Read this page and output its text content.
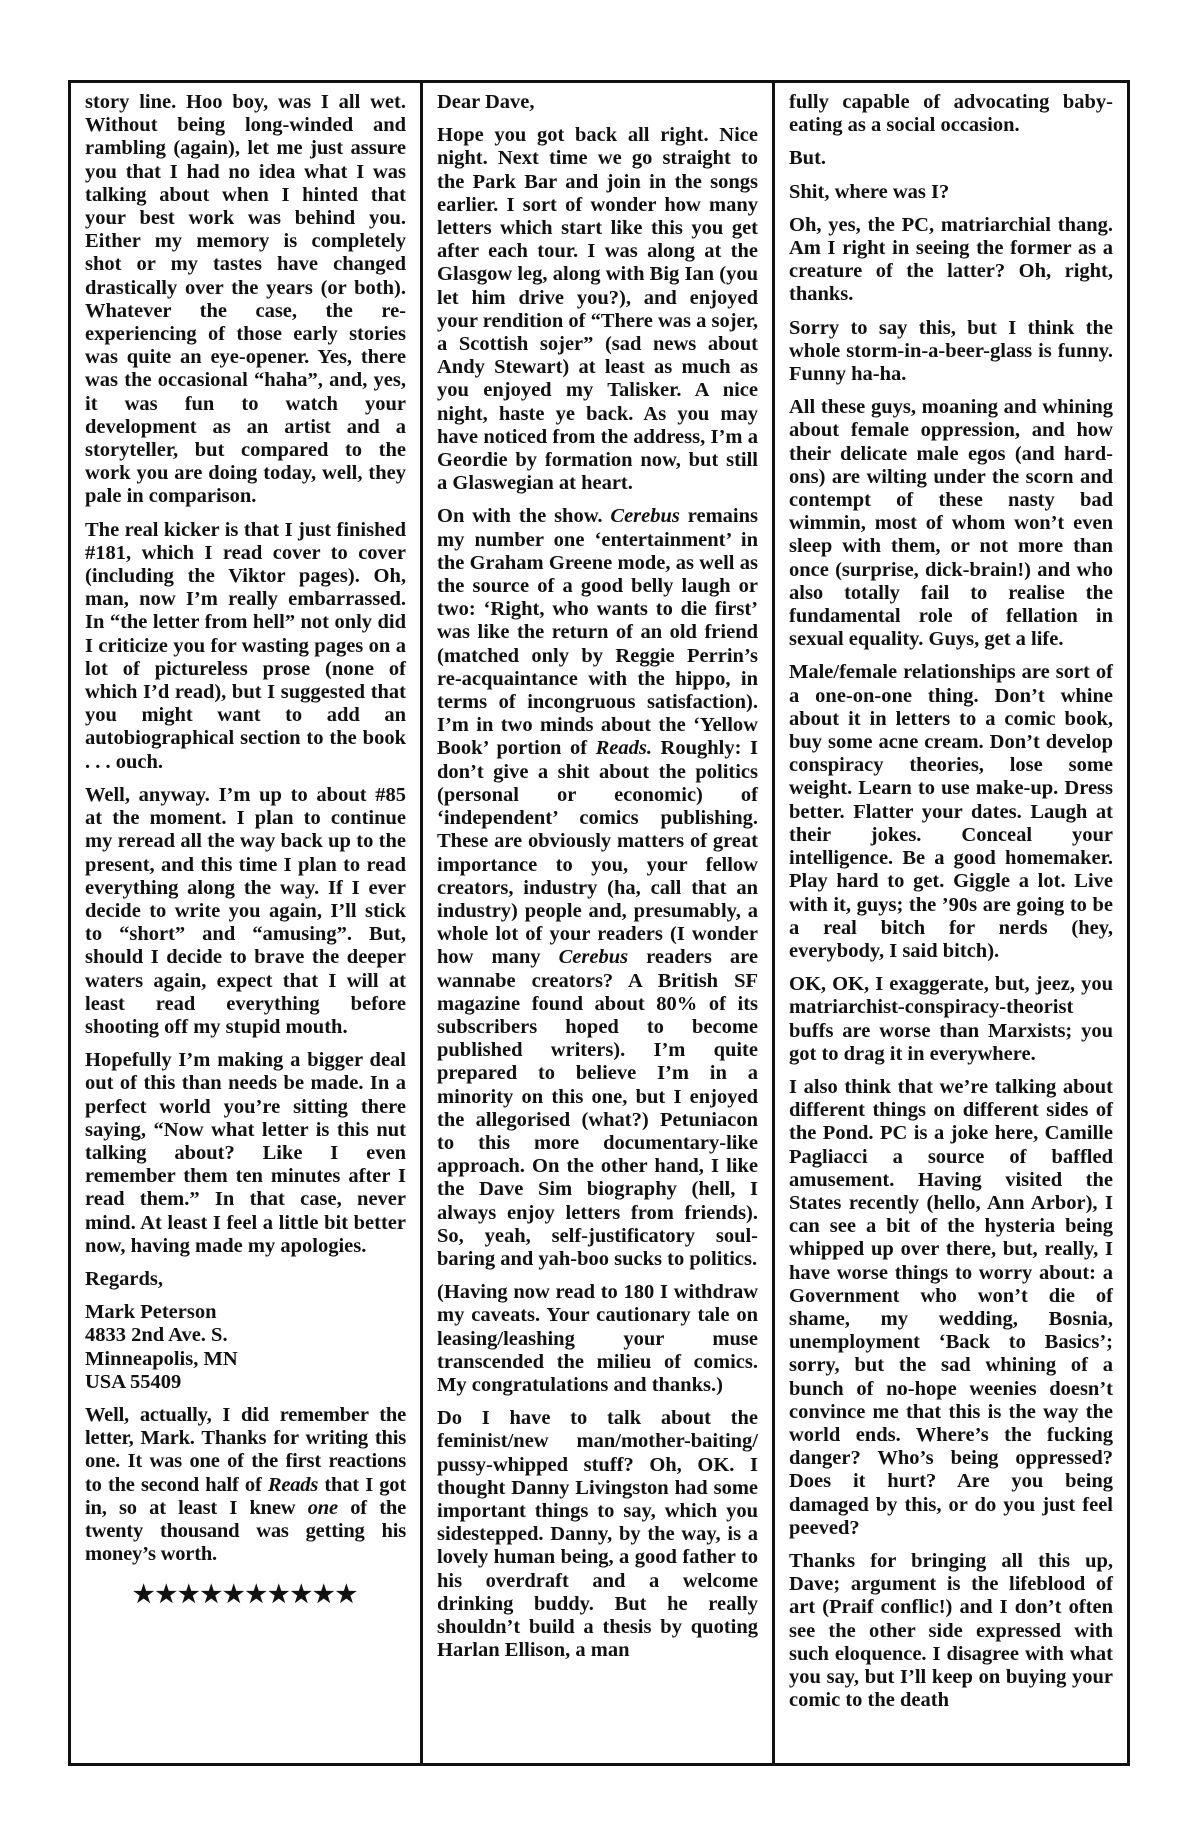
story line. Hoo boy, was I all wet. Without being long-winded and rambling (again), let me just assure you that I had no idea what I was talking about when I hinted that your best work was behind you. Either my memory is completely shot or my tastes have changed drastically over the years (or both). Whatever the case, the re-experiencing of those early stories was quite an eye-opener. Yes, there was the occasional “haha”, and, yes, it was fun to watch your development as an artist and a storyteller, but compared to the work you are doing today, well, they pale in comparison.

The real kicker is that I just finished #181, which I read cover to cover (including the Viktor pages). Oh, man, now I’m really embarrassed. In “the letter from hell” not only did I criticize you for wasting pages on a lot of pictureless prose (none of which I’d read), but I suggested that you might want to add an autobiographical section to the book . . . ouch.

Well, anyway. I’m up to about #85 at the moment. I plan to continue my reread all the way back up to the present, and this time I plan to read everything along the way. If I ever decide to write you again, I’ll stick to “short” and “amusing”. But, should I decide to brave the deeper waters again, expect that I will at least read everything before shooting off my stupid mouth.

Hopefully I’m making a bigger deal out of this than needs be made. In a perfect world you’re sitting there saying, “Now what letter is this nut talking about? Like I even remember them ten minutes after I read them.” In that case, never mind. At least I feel a little bit better now, having made my apologies.

Regards,

Mark Peterson
4833 2nd Ave. S.
Minneapolis, MN
USA 55409

Well, actually, I did remember the letter, Mark. Thanks for writing this one. It was one of the first reactions to the second half of Reads that I got in, so at least I knew one of the twenty thousand was getting his money’s worth.

★★★★★★★★★★

Dear Dave,

Hope you got back all right. Nice night. Next time we go straight to the Park Bar and join in the songs earlier. I sort of wonder how many letters which start like this you get after each tour. I was along at the Glasgow leg, along with Big Ian (you let him drive you?), and enjoyed your rendition of “There was a sojer, a Scottish sojer” (sad news about Andy Stewart) at least as much as you enjoyed my Talisker. A nice night, haste ye back. As you may have noticed from the address, I’m a Geordie by formation now, but still a Glaswegian at heart.

On with the show. Cerebus remains my number one ‘entertainment’ in the Graham Greene mode, as well as the source of a good belly laugh or two: ‘Right, who wants to die first’ was like the return of an old friend (matched only by Reggie Perrin’s re-acquaintance with the hippo, in terms of incongruous satisfaction). I’m in two minds about the ‘Yellow Book’ portion of Reads. Roughly: I don’t give a shit about the politics (personal or economic) of ‘independent’ comics publishing. These are obviously matters of great importance to you, your fellow creators, industry (ha, call that an industry) people and, presumably, a whole lot of your readers (I wonder how many Cerebus readers are wannabe creators? A British SF magazine found about 80% of its subscribers hoped to become published writers). I’m quite prepared to believe I’m in a minority on this one, but I enjoyed the allegorised (what?) Petuniacon to this more documentary-like approach. On the other hand, I like the Dave Sim biography (hell, I always enjoy letters from friends). So, yeah, self-justificatory soul-baring and yah-boo sucks to politics.

(Having now read to 180 I withdraw my caveats. Your cautionary tale on leasing/leashing your muse transcended the milieu of comics. My congratulations and thanks.)

Do I have to talk about the feminist/new man/mother-baiting/ pussy-whipped stuff? Oh, OK. I thought Danny Livingston had some important things to say, which you sidestepped. Danny, by the way, is a lovely human being, a good father to his overdraft and a welcome drinking buddy. But he really shouldn’t build a thesis by quoting Harlan Ellison, a man

fully capable of advocating baby-eating as a social occasion.

But.

Shit, where was I?

Oh, yes, the PC, matriarchial thang. Am I right in seeing the former as a creature of the latter? Oh, right, thanks.

Sorry to say this, but I think the whole storm-in-a-beer-glass is funny. Funny ha-ha.

All these guys, moaning and whining about female oppression, and how their delicate male egos (and hard-ons) are wilting under the scorn and contempt of these nasty bad wimmin, most of whom won’t even sleep with them, or not more than once (surprise, dick-brain!) and who also totally fail to realise the fundamental role of fellation in sexual equality. Guys, get a life.

Male/female relationships are sort of a one-on-one thing. Don’t whine about it in letters to a comic book, buy some acne cream. Don’t develop conspiracy theories, lose some weight. Learn to use make-up. Dress better. Flatter your dates. Laugh at their jokes. Conceal your intelligence. Be a good homemaker. Play hard to get. Giggle a lot. Live with it, guys; the ’90s are going to be a real bitch for nerds (hey, everybody, I said bitch).

OK, OK, I exaggerate, but, jeez, you matriarchist-conspiracy-theorist buffs are worse than Marxists; you got to drag it in everywhere.

I also think that we’re talking about different things on different sides of the Pond. PC is a joke here, Camille Pagliacci a source of baffled amusement. Having visited the States recently (hello, Ann Arbor), I can see a bit of the hysteria being whipped up over there, but, really, I have worse things to worry about: a Government who won’t die of shame, my wedding, Bosnia, unemployment ‘Back to Basics’; sorry, but the sad whining of a bunch of no-hope weenies doesn’t convince me that this is the way the world ends. Where’s the fucking danger? Who’s being oppressed? Does it hurt? Are you being damaged by this, or do you just feel peeved?

Thanks for bringing all this up, Dave; argument is the lifeblood of art (Praif conflic!) and I don’t often see the other side expressed with such eloquence. I disagree with what you say, but I’ll keep on buying your comic to the death
